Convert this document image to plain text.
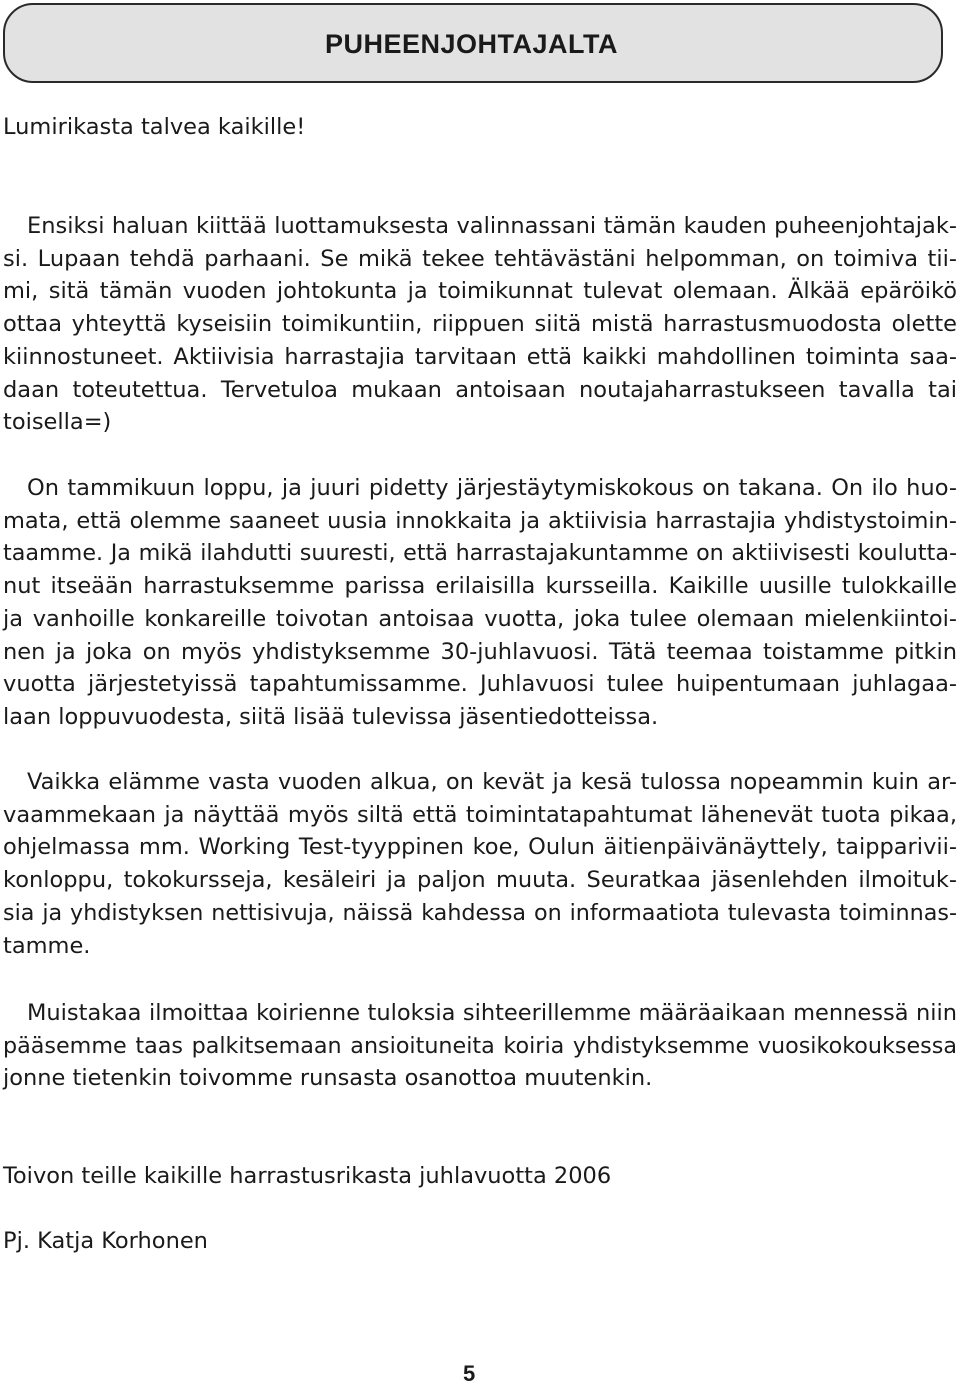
PUHEENJOHTAJALTA
Lumirikasta talvea kaikille!
Ensiksi haluan kiittää luottamuksesta valinnassani tämän kauden puheenjohtajak-
si. Lupaan tehdä parhaani. Se mikä tekee tehtävästäni helpomman, on toimiva tii-
mi, sitä tämän vuoden johtokunta ja toimikunnat tulevat olemaan. Älkää epäröikö
ottaa yhteyttä kyseisiin toimikuntiin, riippuen siitä mistä harrastusmuodosta olette
kiinnostuneet. Aktiivisia harrastajia tarvitaan että kaikki mahdollinen toiminta saa-
daan toteutettua. Tervetuloa mukaan antoisaan noutajaharrastukseen tavalla tai
toisella=)
On tammikuun loppu, ja juuri pidetty järjestäytymiskokous on takana. On ilo huo-
mata, että olemme saaneet uusia innokkaita ja aktiivisia harrastajia yhdistystoimin-
taamme. Ja mikä ilahdutti suuresti, että harrastajakuntamme on aktiivisesti kouluttа-
nut itseään harrastuksemme parissa erilaisilla kursseilla. Kaikille uusille tulokkaille
ja vanhoille konkareille toivotan antoisaa vuotta, joka tulee olemaan mielenkiintoi-
nen ja joka on myös yhdistyksemme 30-juhlavuosi. Tätä teemaa toistamme pitkin
vuotta järjestetyissä tapahtumissamme. Juhlavuosi tulee huipentumaan juhlagaa-
laan loppuvuodesta, siitä lisää tulevissa jäsentiedotteissa.
Vaikka elämme vasta vuoden alkua, on kevät ja kesä tulossa nopeammin kuin ar-
vaammekaan ja näyttää myös siltä että toimintatapahtumat lähenevät tuota pikaa,
ohjelmassa mm. Working Test-tyyppinen koe, Oulun äitienpäivänäyttely, taipparivii-
konloppu, tokokursseja, kesäleiri ja paljon muuta. Seuratkaa jäsenlehden ilmoituk-
sia ja yhdistyksen nettisivuja, näissä kahdessa on informaatiota tulevasta toiminnas-
tamme.
Muistakaa ilmoittaa koirienne tuloksia sihteerillemme määräaikaan mennessä niin
pääsemme taas palkitsemaan ansioituneita koiria yhdistyksemme vuosikokouksessa
jonne tietenkin toivomme runsasta osanottoa muutenkin.
Toivon teille kaikille harrastusrikasta juhlavuotta 2006
Pj. Katja Korhonen
5
